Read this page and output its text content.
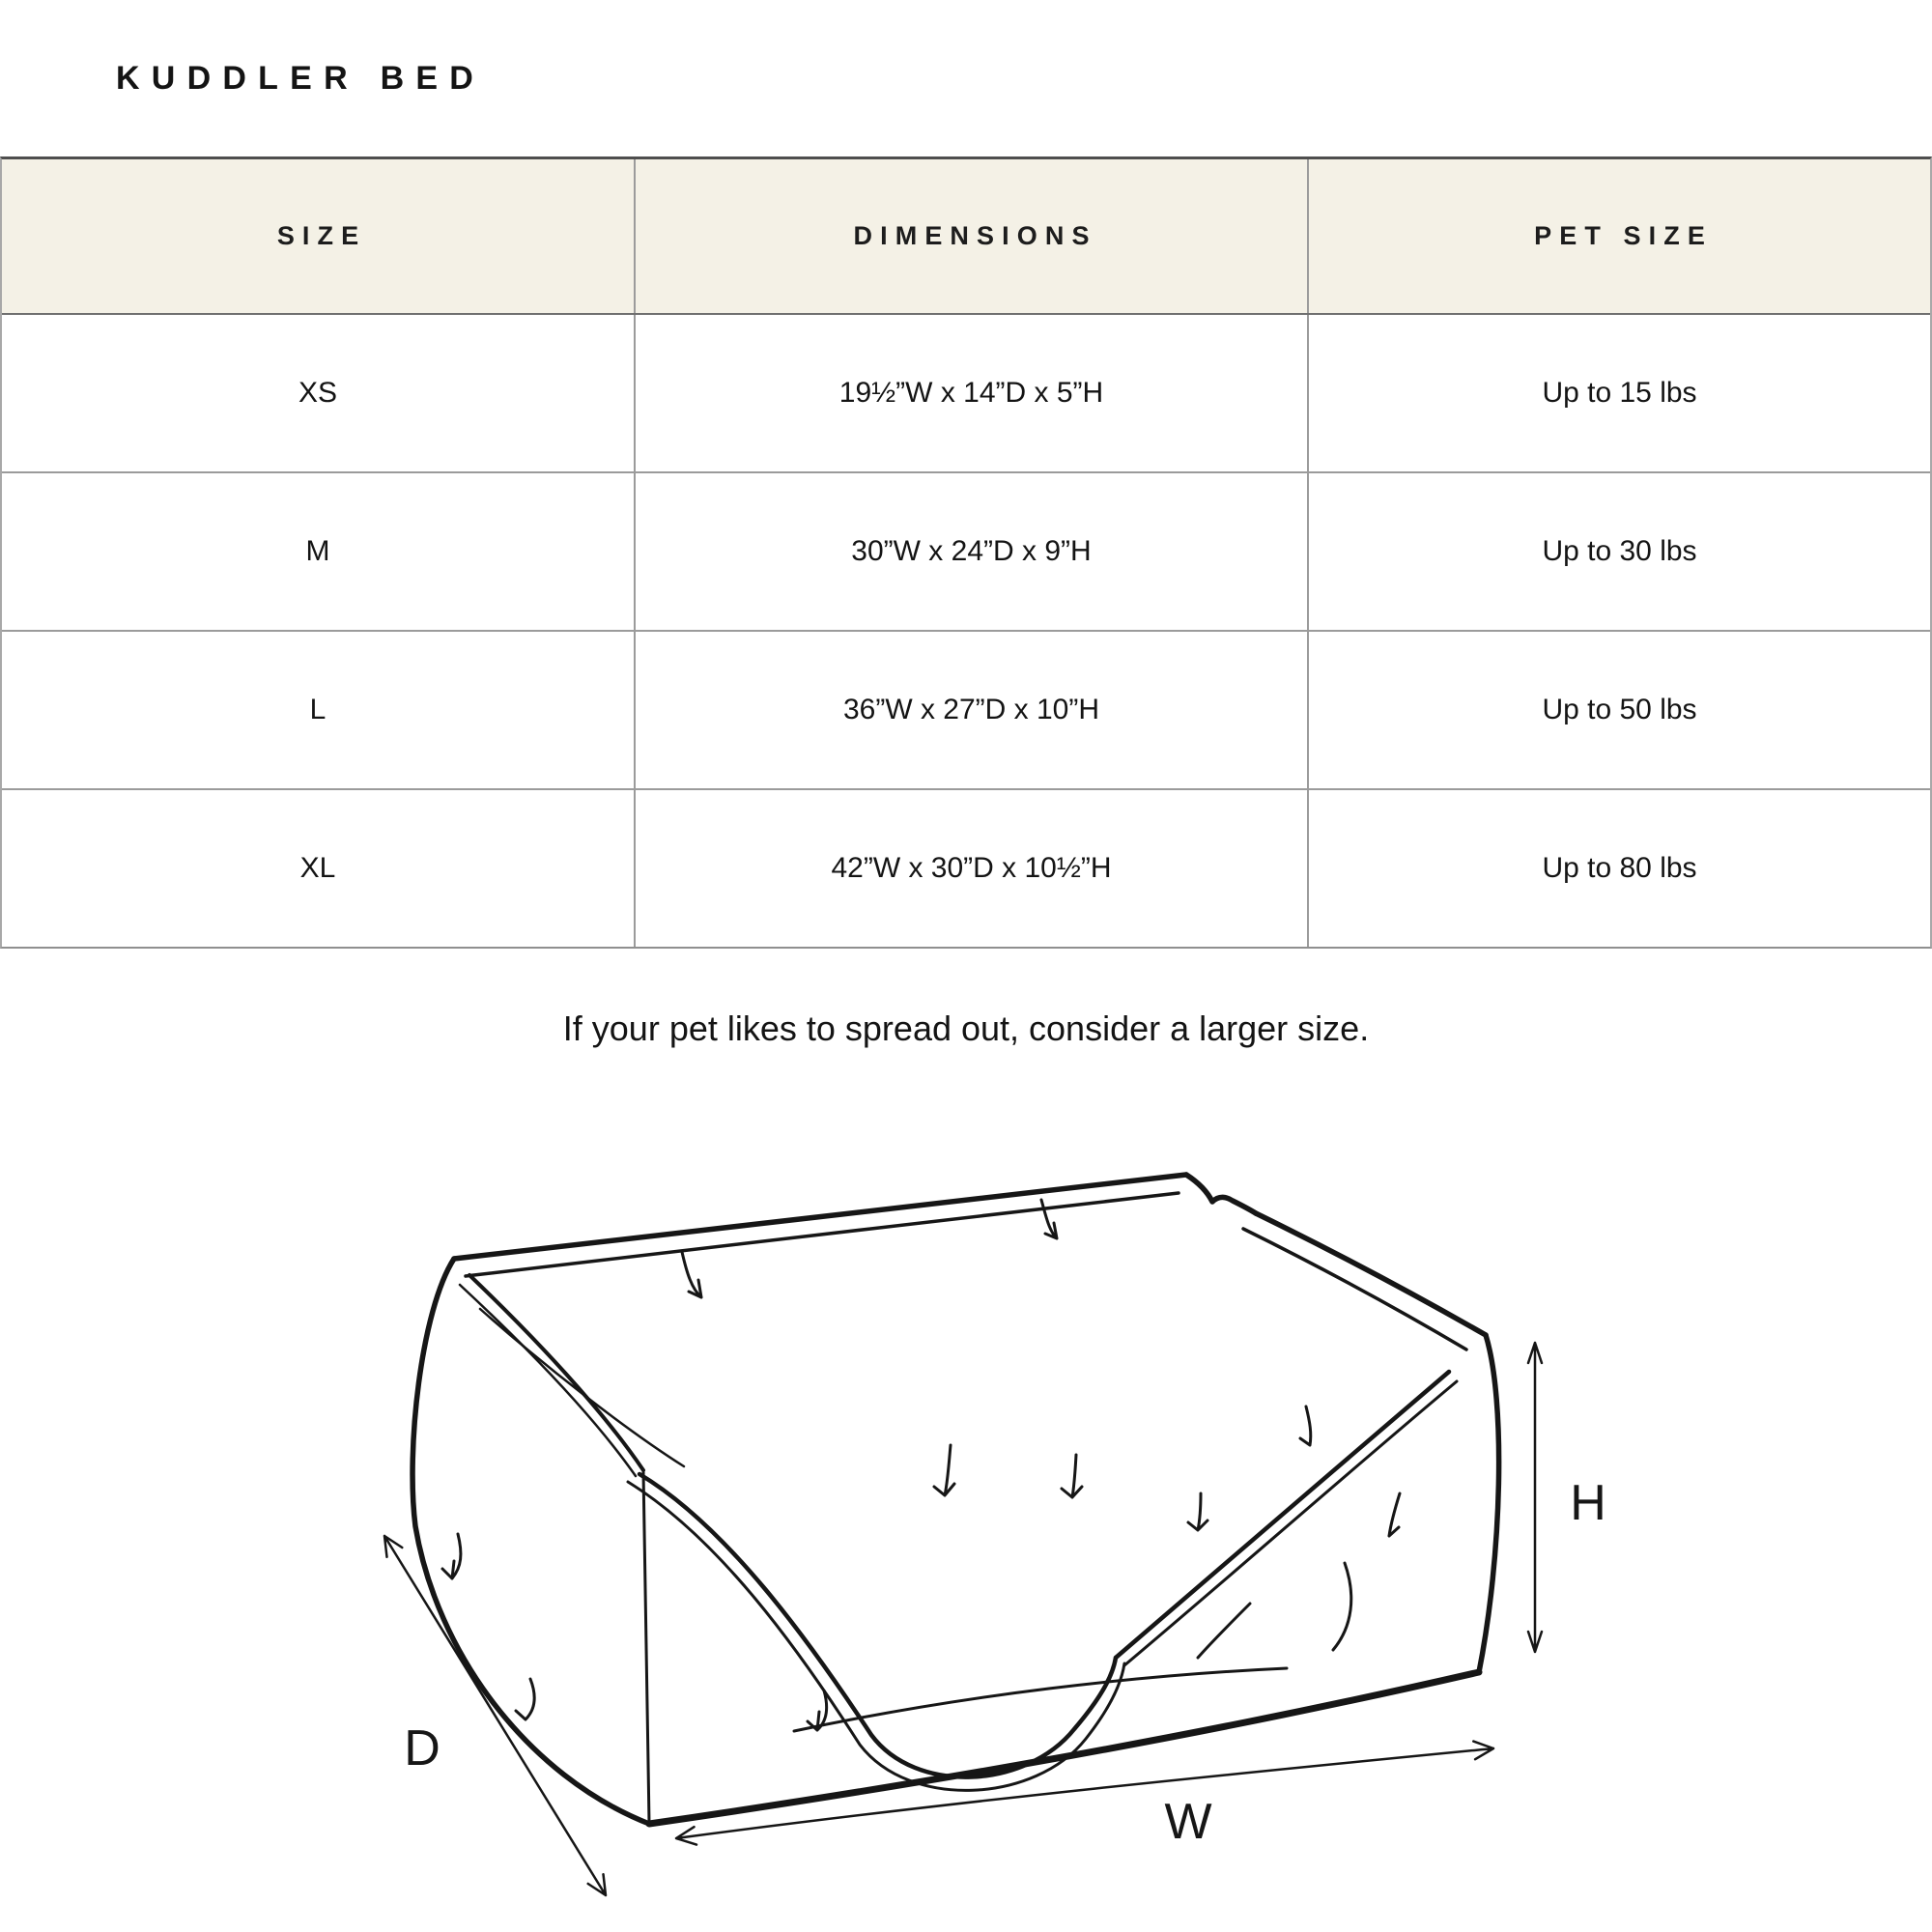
KUDDLER BED
SIZE	DIMENSIONS	PET SIZE
XS	19½”W x 14”D x 5”H	Up to 15 lbs
M	30”W x 24”D x 9”H	Up to 30 lbs
L	36”W x 27”D x 10”H	Up to 50 lbs
XL	42”W x 30”D x 10½”H	Up to 80 lbs
If your pet likes to spread out, consider a larger size.
D
W
H
